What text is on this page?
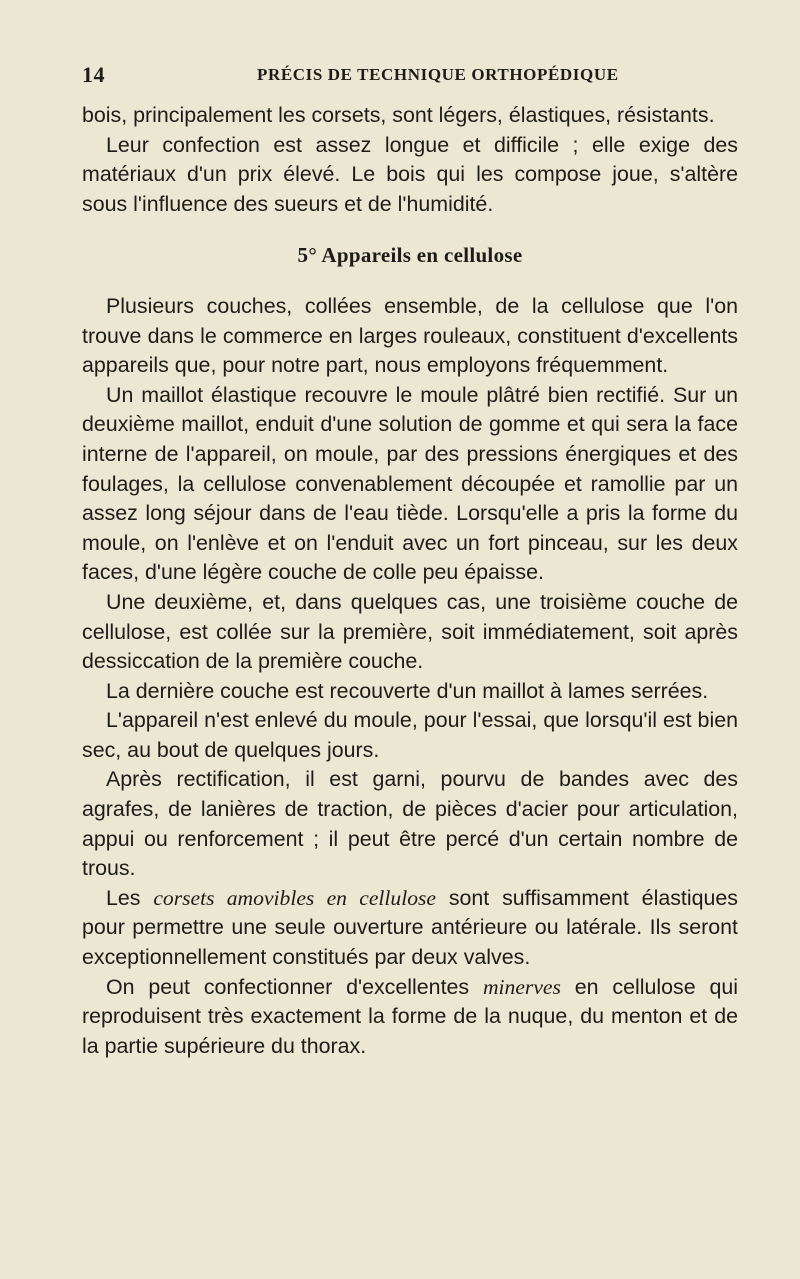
14	PRÉCIS DE TECHNIQUE ORTHOPÉDIQUE

bois, principalement les corsets, sont légers, élastiques, résistants.

Leur confection est assez longue et difficile ; elle exige des matériaux d'un prix élevé. Le bois qui les compose joue, s'altère sous l'influence des sueurs et de l'humidité.

5° Appareils en cellulose

Plusieurs couches, collées ensemble, de la cellulose que l'on trouve dans le commerce en larges rouleaux, constituent d'excellents appareils que, pour notre part, nous employons fréquemment.

Un maillot élastique recouvre le moule plâtré bien rectifié. Sur un deuxième maillot, enduit d'une solution de gomme et qui sera la face interne de l'appareil, on moule, par des pressions énergiques et des foulages, la cellulose convenablement découpée et ramollie par un assez long séjour dans de l'eau tiède. Lorsqu'elle a pris la forme du moule, on l'enlève et on l'enduit avec un fort pinceau, sur les deux faces, d'une légère couche de colle peu épaisse.

Une deuxième, et, dans quelques cas, une troisième couche de cellulose, est collée sur la première, soit immédiatement, soit après dessiccation de la première couche.

La dernière couche est recouverte d'un maillot à lames serrées.

L'appareil n'est enlevé du moule, pour l'essai, que lorsqu'il est bien sec, au bout de quelques jours.

Après rectification, il est garni, pourvu de bandes avec des agrafes, de lanières de traction, de pièces d'acier pour articulation, appui ou renforcement ; il peut être percé d'un certain nombre de trous.

Les corsets amovibles en cellulose sont suffisamment élastiques pour permettre une seule ouverture antérieure ou latérale. Ils seront exceptionnellement constitués par deux valves.

On peut confectionner d'excellentes minerves en cellulose qui reproduisent très exactement la forme de la nuque, du menton et de la partie supérieure du thorax.
